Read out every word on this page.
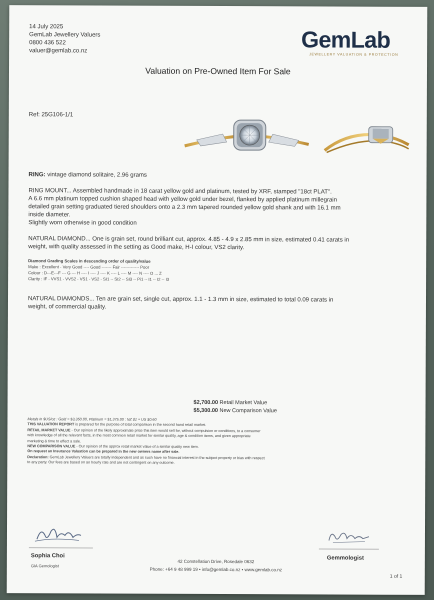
14 July 2025
GemLab Jewellery Valuers
0800 436 522
valuer@gemlab.co.nz	GemLab
JEWELLERY VALUATION & PROTECTION
Valuation on Pre-Owned Item For Sale
Ref: 25G106-1/1
RING: vintage diamond solitaire, 2.96 grams
RING MOUNT... Assembled handmade in 18 carat yellow gold and platinum, tested by XRF, stamped "18ct PLAT".
A 6.6 mm platinum topped cushion shaped head with yellow gold under bezel, flanked by applied platinum millegrain
detailed grain setting graduated tiered shoulders onto a 2.3 mm tapered rounded yellow gold shank and with 16.1 mm
inside diameter.
Slightly worn otherwise in good condition
NATURAL DIAMOND... One is grain set, round brilliant cut, approx. 4.85 - 4.9 x 2.85 mm in size, estimated 0.41 carats in
weight, with quality assessed in the setting as Good make, H-I colour, VS2 clarity.
Diamond Grading Scales in descending order of quality/value
Make : Excellent - Very Good ---- Good ------- Fair ------------- Poor
Colour : D---E---F --- G --- H ---- I ---- J ---- K ---- L ---- M ---- N ---- O ... Z
Clarity : IF - VVS1 - VVS2 - VS1 - VS2 - SI1 -- SI2 -- SI3 -- Pi1 -- I1 -- I2 -- I3
NATURAL DIAMONDS... Ten are grain set, single cut, approx. 1.1 - 1.3 mm in size, estimated to total 0.09 carats in
weight, of commercial quality.
$2,700.00 Retail Market Value
$5,300.00 New Comparison Value
Metals in $US/oz : Gold = $3,350.00, Platinum = $1,375.00 : NZ $1 = US $0.60
THIS VALUATION REPORT is prepared for the purpose of total comparison in the second hand retail market.
RETAIL MARKET VALUE - Our opinion of the likely approximate price this item would sell for, without compulsion or conditions, to a consumer
with knowledge of all the relevant facts, in the most common retail market for similar quality, age & condition items, and given appropriate
marketing & time to effect a sale.
NEW COMPARISON VALUE - Our opinion of the approx retail market value of a similar quality new item.
On request an Insurance Valuation can be prepared in the new owners name after sale.
Declaration: GemLab Jewellery Valuers are totally independent and as such have no financial interest in the subject property or bias with respect
to any party. Our fees are based on an hourly rate and are not contingent on any outcome.
Sophia Choi
GIA Gemologist
Gemmologist
42 Constellation Drive, Rosedale 0632
Phone: +64 9 48 999 19 • info@gemlab.co.nz • www.gemlab.co.nz
1 of 1
